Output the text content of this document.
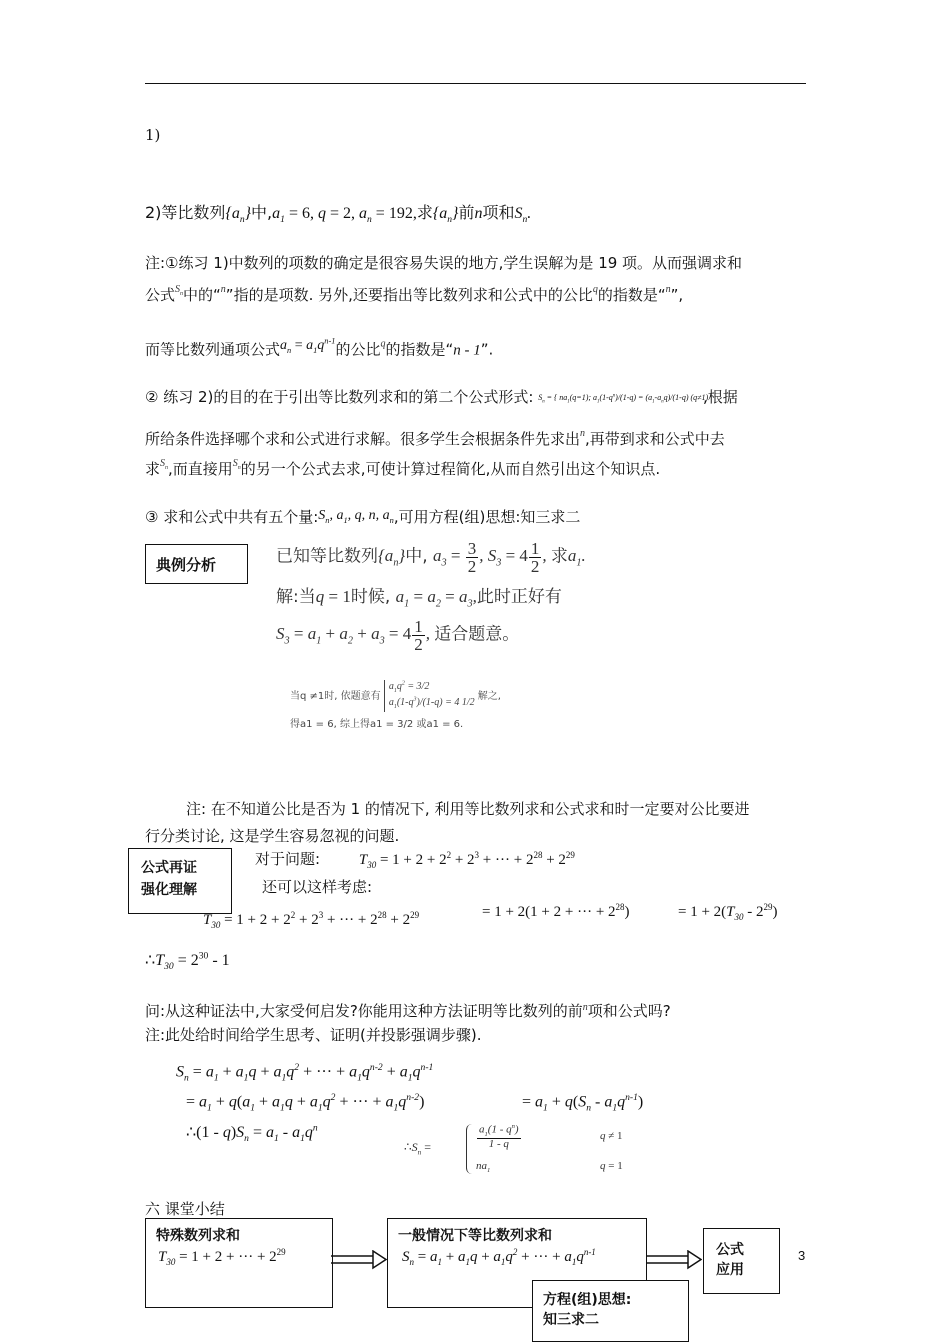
1)
2)等比数列$\{a_n\}$中$,a_1 = 6$, q = 2, $a_n = 192$,求$\{a_n\}$前n项和$S_n$.
注:①练习 1)中数列的项数的确定是很容易失误的地方,学生误解为是 19 项。从而强调求和
公式$^{S_n}$中的“$^n$”指的是项数. 另外,还要指出等比数列求和公式中的公比$^q$的指数是“$^n$”,
而等比数列通项公式$a_n = a_1q^{n-1}$的公比$^q$的指数是“n - 1”.
② 练习 2)的目的在于引出等比数列求和的第二个公式形式: $S_n$ = { $na_1(q=1)$; $a_1(1-q^n)/(1-q) = (a_1-a_nq)/(1-q)$ (q≠1) ,根据
所给条件选择哪个求和公式进行求解。很多学生会根据条件先求出$^n$,再带到求和公式中去
求$^{S_n}$,而直接用$^{S_n}$的另一个公式去求,可使计算过程简化,从而自然引出这个知识点.
③ 求和公式中共有五个量$:S_n$, $a_1$, q, n, $a_n$,可用方程(组)思想:知三求二
典例分析	已知等比数列$\{a_n\}$中, $a_3 = \frac{3}{2}$ , $S_3 = 4 \frac{1}{2}$ , 求$a_1$.
解:当q = 1时候, $a_1 = a_2 = a_3$,此时正好有
$S_3 = a_1 + a_2 + a_3 = 4 \frac{1}{2}$ , 适合题意。
当q ≠1时, 依题意有 $a_1q^2 = 3/2$
$a_1(1-q^3)/(1-q) = 4$ 1/2 解之,
得a1 = 6, 综上得a1 = 3/2 或a1 = 6.
注: 在不知道公比是否为 1 的情况下, 利用等比数列求和公式求和时一定要对公比要进
行分类讨论, 这是学生容易忽视的问题.
公式再证
强化理解
对于问题:	$T_{30} = 1 + 2 + 2^2 + 2^3$ + ··· + $2^{28} + 2^{29}$
还可以这样考虑:
$T_{30} = 1 + 2 + 2^2 + 2^3$ + ··· + $2^{28} + 2^{29}$	= 1 + 2(1 + 2 + ··· + $2^{28}$)	= $1 + 2(T_{30} - 2^{29})$
$\therefore T_{30} = 2^{30} - 1$
问:从这种证法中,大家受何启发?你能用这种方法证明等比数列的前$^n$项和公式吗?
注:此处给时间给学生思考、证明(并投影强调步骤).
$S_n = a_1 + a_1q + a_1q^2$ + ··· + $a_1q^{n-2} + a_1q^{n-1}$
= $a_1 + q(a_1 + a_1q + a_1q^2$ + ··· + $a_1q^{n-2}$)	= $a_1 + q(S_n - a_1q^{n-1})$
∴(1 - $q)S_n = a_1 - a_1q^n$
$\therefore S_n$ =	$\frac{a_1(1 - q^n)}{1 - q}$	q ≠ 1
$na_1$	q = 1
六 课堂小结
特殊数列求和
$T_{30} = 1 + 2$ + ··· + $2^{29}$
一般情况下等比数列求和
$S_n = a_1 + a_1q + a_1q^2$ + ··· + $a_1q^{n-1}$	公式
应用
方程(组)思想:
知三求二
3
